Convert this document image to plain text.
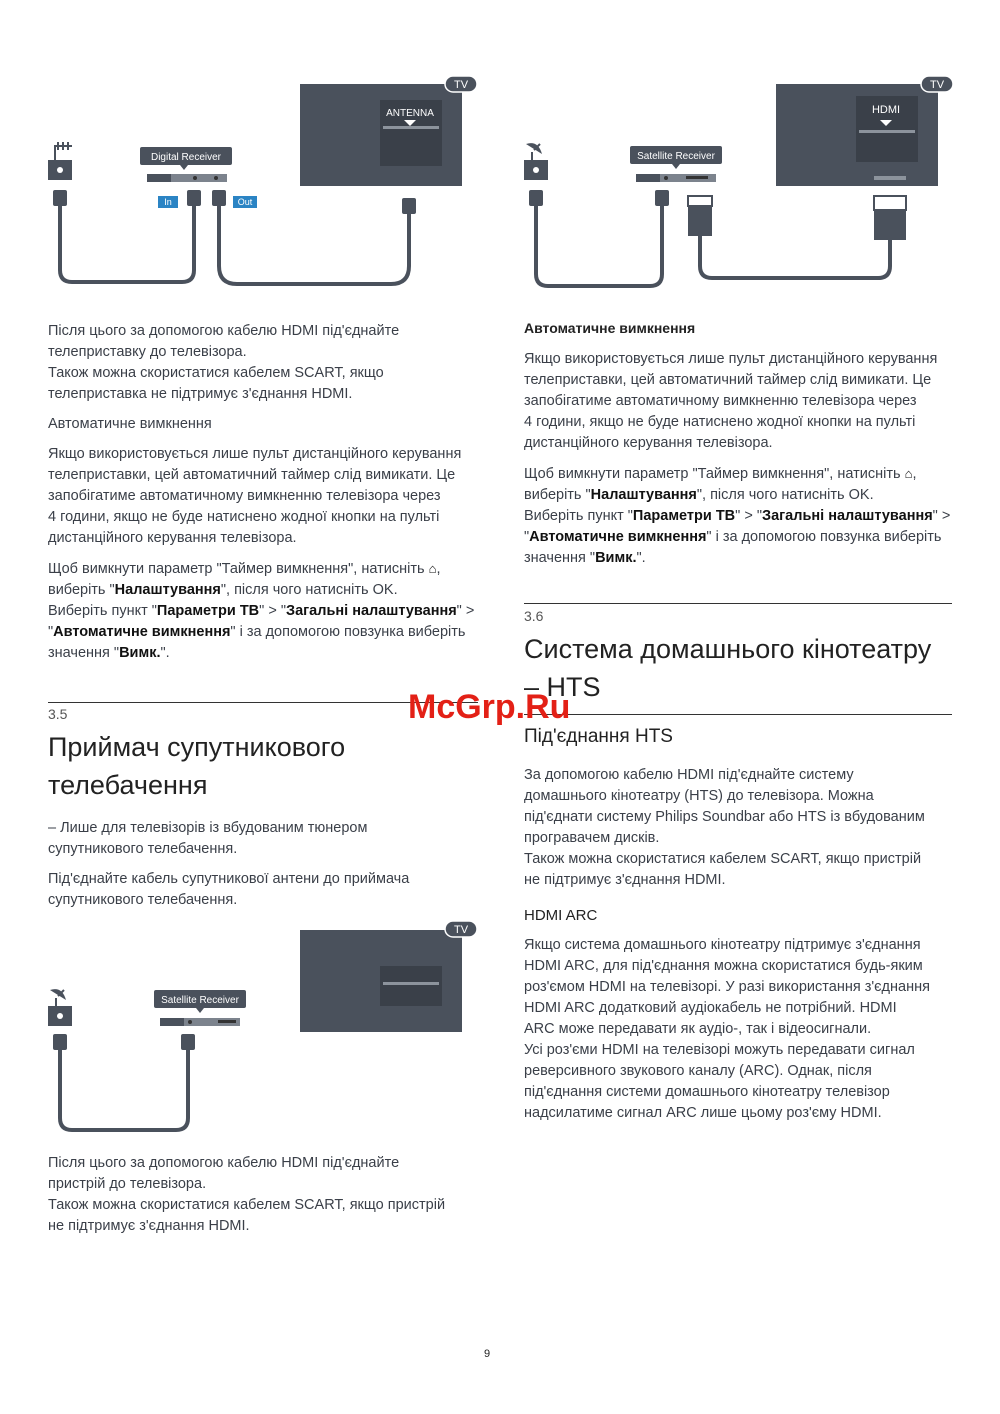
TV
ANTENNA
Digital Receiver
In	Out
TV
HDMI
Satellite Receiver

Після цього за допомогою кабелю HDMI під'єднайте
телеприставку до телевізора.
Також можна скористатися кабелем SCART, якщо
телеприставка не підтримує з'єднання HDMI.

Автоматичне вимкнення

Якщо використовується лише пульт дистанційного керування
телеприставки, цей автоматичний таймер слід вимикати. Це
запобігатиме автоматичному вимкненню телевізора через
4 години, якщо не буде натиснено жодної кнопки на пульті
дистанційного керування телевізора.

Щоб вимкнути параметр "Таймер вимкнення", натисніть ⌂,
виберіть "Налаштування", після чого натисніть OK.
Виберіть пункт "Параметри ТВ" > "Загальні налаштування" >
"Автоматичне вимкнення" і за допомогою повзунка виберіть
значення "Вимк.".

3.5
Приймач супутникового
телебачення

– Лише для телевізорів із вбудованим тюнером
супутникового телебачення.

Під'єднайте кабель супутникової антени до приймача
супутникового телебачення.

TV
Satellite Receiver

Після цього за допомогою кабелю HDMI під'єднайте
пристрій до телевізора.
Також можна скористатися кабелем SCART, якщо пристрій
не підтримує з'єднання HDMI.

Автоматичне вимкнення

Якщо використовується лише пульт дистанційного керування
телеприставки, цей автоматичний таймер слід вимикати. Це
запобігатиме автоматичному вимкненню телевізора через
4 години, якщо не буде натиснено жодної кнопки на пульті
дистанційного керування телевізора.

Щоб вимкнути параметр "Таймер вимкнення", натисніть ⌂,
виберіть "Налаштування", після чого натисніть OK.
Виберіть пункт "Параметри ТВ" > "Загальні налаштування" >
"Автоматичне вимкнення" і за допомогою повзунка виберіть
значення "Вимк.".

3.6
Система домашнього кінотеатру
– HTS
Під'єднання HTS

За допомогою кабелю HDMI під'єднайте систему
домашнього кінотеатру (HTS) до телевізора. Можна
під'єднати систему Philips Soundbar або HTS із вбудованим
програвачем дисків.
Також можна скористатися кабелем SCART, якщо пристрій
не підтримує з'єднання HDMI.

HDMI ARC

Якщо система домашнього кінотеатру підтримує з'єднання
HDMI ARC, для під'єднання можна скористатися будь-яким
роз'ємом HDMI на телевізорі. У разі використання з'єднання
HDMI ARC додатковий аудіокабель не потрібний. HDMI
ARC може передавати як аудіо-, так і відеосигнали.
Усі роз'єми HDMI на телевізорі можуть передавати сигнал
реверсивного звукового каналу (ARC). Однак, після
під'єднання системи домашнього кінотеатру телевізор
надсилатиме сигнал ARC лише цьому роз'єму HDMI.

McGrp.Ru
9
